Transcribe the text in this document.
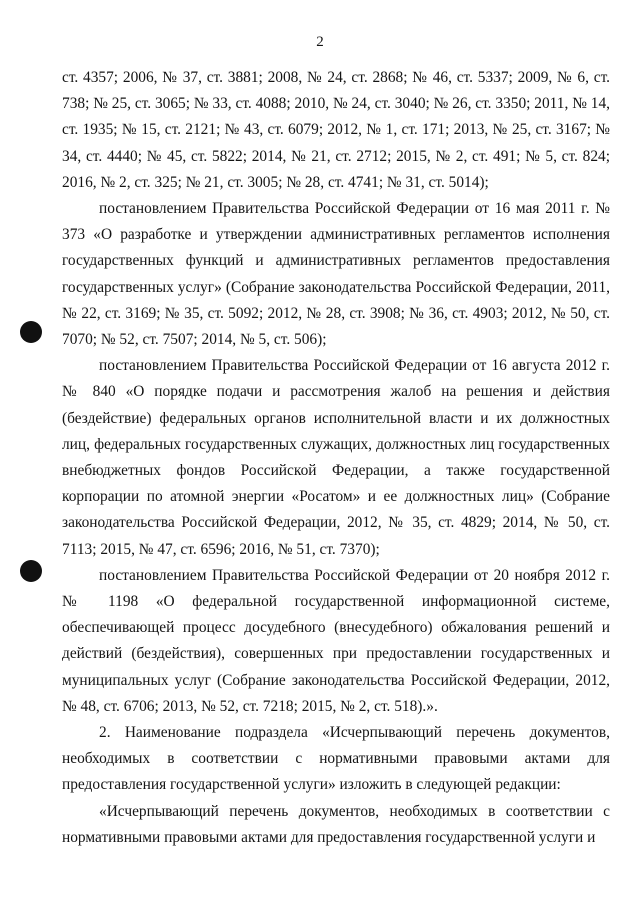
2
ст. 4357; 2006, № 37, ст. 3881; 2008, № 24, ст. 2868; № 46, ст. 5337; 2009, № 6, ст. 738; № 25, ст. 3065; № 33, ст. 4088; 2010, № 24, ст. 3040; № 26, ст. 3350; 2011, № 14, ст. 1935; № 15, ст. 2121; № 43, ст. 6079; 2012, № 1, ст. 171; 2013, № 25, ст. 3167; № 34, ст. 4440; № 45, ст. 5822; 2014, № 21, ст. 2712; 2015, № 2, ст. 491; № 5, ст. 824; 2016, № 2, ст. 325; № 21, ст. 3005; № 28, ст. 4741; № 31, ст. 5014);
постановлением Правительства Российской Федерации от 16 мая 2011 г. № 373 «О разработке и утверждении административных регламентов исполнения государственных функций и административных регламентов предоставления государственных услуг» (Собрание законодательства Российской Федерации, 2011, № 22, ст. 3169; № 35, ст. 5092; 2012, № 28, ст. 3908; № 36, ст. 4903; 2012, № 50, ст. 7070; № 52, ст. 7507; 2014, № 5, ст. 506);
постановлением Правительства Российской Федерации от 16 августа 2012 г. № 840 «О порядке подачи и рассмотрения жалоб на решения и действия (бездействие) федеральных органов исполнительной власти и их должностных лиц, федеральных государственных служащих, должностных лиц государственных внебюджетных фондов Российской Федерации, а также государственной корпорации по атомной энергии «Росатом» и ее должностных лиц» (Собрание законодательства Российской Федерации, 2012, № 35, ст. 4829; 2014, № 50, ст. 7113; 2015, № 47, ст. 6596; 2016, № 51, ст. 7370);
постановлением Правительства Российской Федерации от 20 ноября 2012 г. № 1198 «О федеральной государственной информационной системе, обеспечивающей процесс досудебного (внесудебного) обжалования решений и действий (бездействия), совершенных при предоставлении государственных и муниципальных услуг (Собрание законодательства Российской Федерации, 2012, № 48, ст. 6706; 2013, № 52, ст. 7218; 2015, № 2, ст. 518).».
2. Наименование подраздела «Исчерпывающий перечень документов, необходимых в соответствии с нормативными правовыми актами для предоставления государственной услуги» изложить в следующей редакции:
«Исчерпывающий перечень документов, необходимых в соответствии с нормативными правовыми актами для предоставления государственной услуги и
